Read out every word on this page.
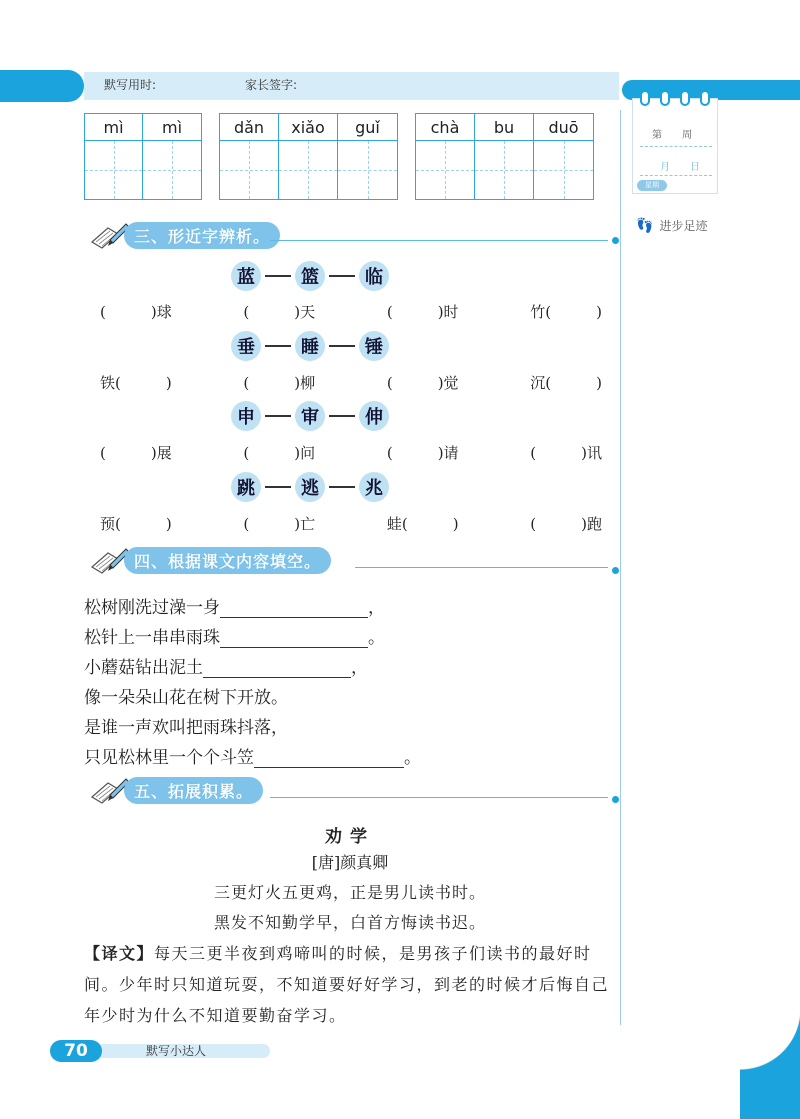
默写用时:	家长签字:
第　　周
月　　日
星期
👣 进步足迹
mì	mì	dǎn	xiǎo	guǐ	chà	bu	duō
三、形近字辨析。
蓝	篮	临
(　　　)球	(　　　)天	(　　　)时	竹(　　　)
垂	睡	锤
铁(　　　)	(　　　)柳	(　　　)觉	沉(　　　)
申	审	伸
(　　　)展	(　　　)问	(　　　)请	(　　　)讯
跳	逃	兆
预(　　　)	(　　　)亡	蛙(　　　)	(　　　)跑
四、根据课文内容填空。
松树刚洗过澡一身	，
松针上一串串雨珠	。
小蘑菇钻出泥土	，
像一朵朵山花在树下开放。
是谁一声欢叫把雨珠抖落，
只见松林里一个个斗笠	。
五、拓展积累。
劝学
[唐]颜真卿
三更灯火五更鸡，正是男儿读书时。
黑发不知勤学早，白首方悔读书迟。
【译文】每天三更半夜到鸡啼叫的时候，是男孩子们读书的最好时间。少年时只知道玩耍，不知道要好好学习，到老的时候才后悔自己年少时为什么不知道要勤奋学习。
70	默写小达人
